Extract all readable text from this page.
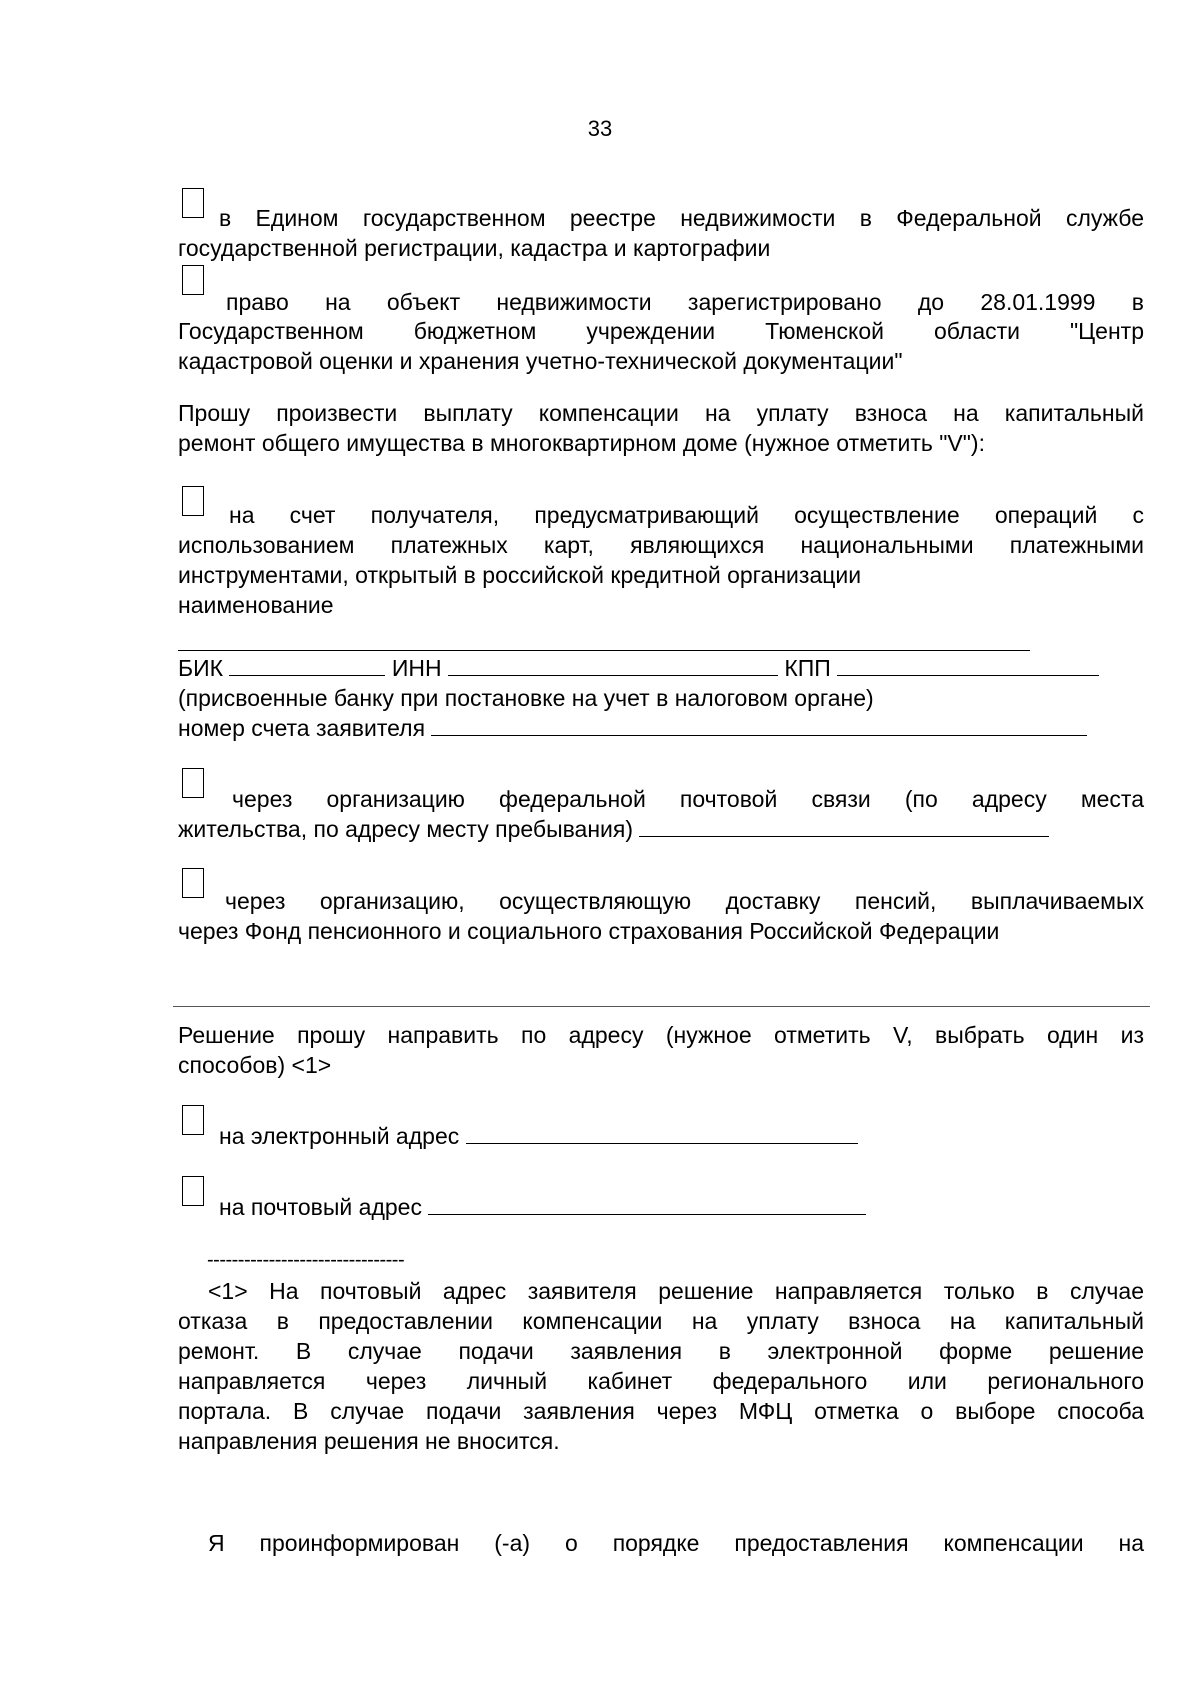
33
в Едином государственном реестре недвижимости в Федеральной службе
государственной регистрации, кадастра и картографии
право на объект недвижимости зарегистрировано до 28.01.1999 в
Государственном бюджетном учреждении Тюменской области "Центр
кадастровой оценки и хранения учетно-технической документации"
Прошу произвести выплату компенсации на уплату взноса на капитальный
ремонт общего имущества в многоквартирном доме (нужное отметить "V"):
на счет получателя, предусматривающий осуществление операций с
использованием платежных карт, являющихся национальными платежными
инструментами, открытый в российской кредитной организации
наименование
БИК	ИНН	КПП
(присвоенные банку при постановке на учет в налоговом органе)
номер счета заявителя
через организацию федеральной почтовой связи (по адресу места
жительства, по адресу месту пребывания)
через организацию, осуществляющую доставку пенсий, выплачиваемых
через Фонд пенсионного и социального страхования Российской Федерации
Решение прошу направить по адресу (нужное отметить V, выбрать один из
способов) <1>
на электронный адрес
на почтовый адрес
--------------------------------
<1> На почтовый адрес заявителя решение направляется только в случае
отказа в предоставлении компенсации на уплату взноса на капитальный
ремонт. В случае подачи заявления в электронной форме решение
направляется через личный кабинет федерального или регионального
портала. В случае подачи заявления через МФЦ отметка о выборе способа
направления решения не вносится.
Я проинформирован (-а) о порядке предоставления компенсации на
